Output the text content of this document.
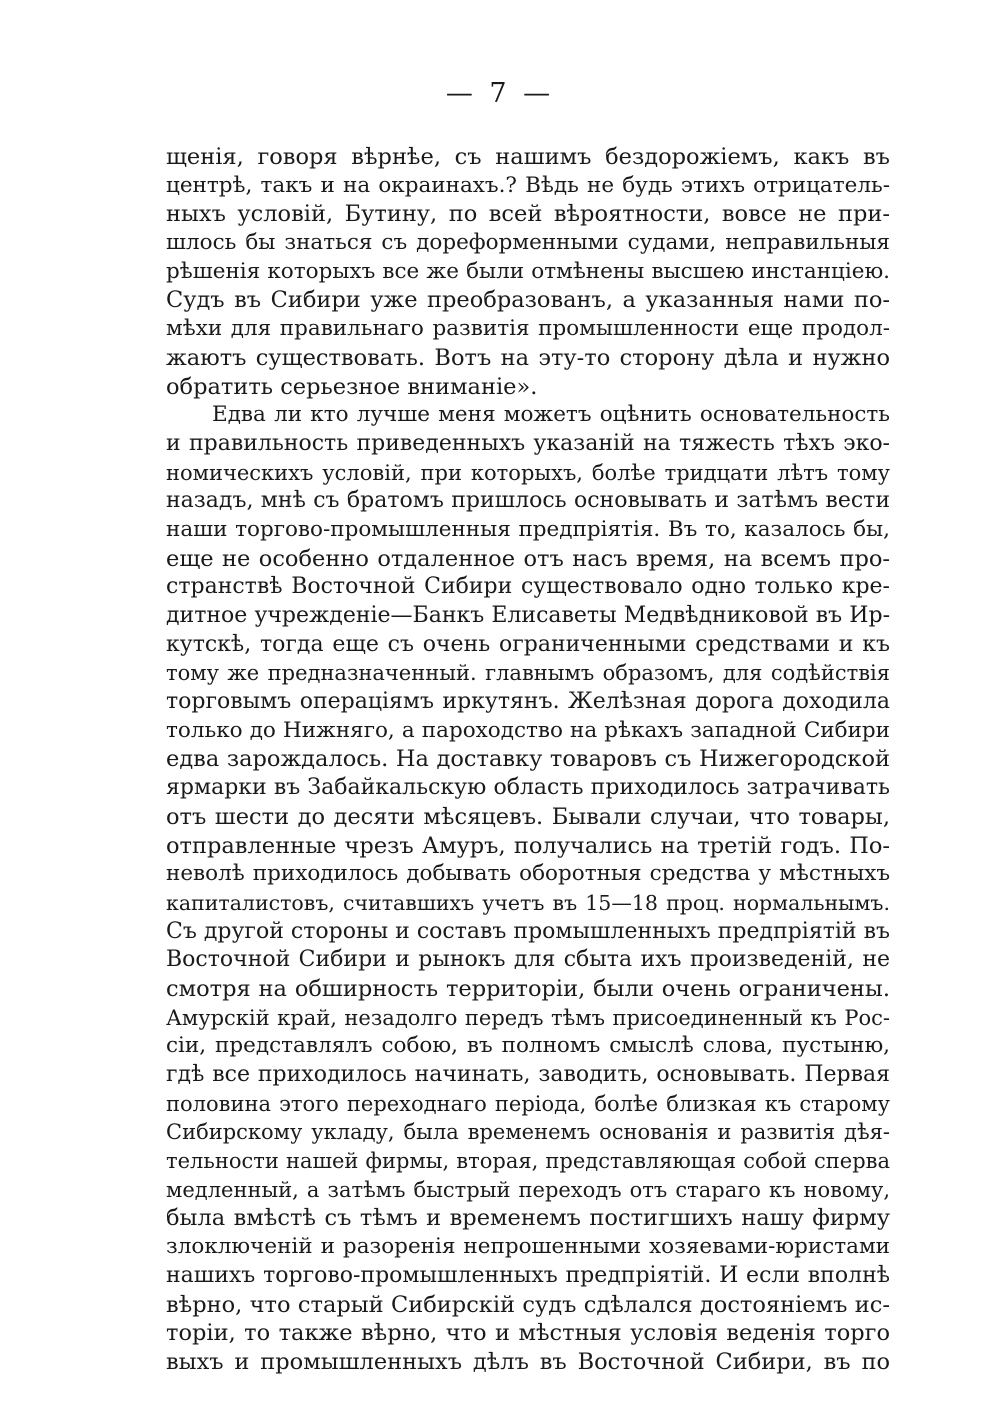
— 7 —
щенія, говоря вѣрнѣе, съ нашимъ бездорожіемъ, какъ въ
центрѣ, такъ и на окраинахъ.? Вѣдь не будь этихъ отрицатель-
ныхъ условій, Бутину, по всей вѣроятности, вовсе не при-
шлось бы знаться съ дореформенными судами, неправильныя
рѣшенія которыхъ все же были отмѣнены высшею инстанціею.
Судъ въ Сибири уже преобразованъ, а указанныя нами по-
мѣхи для правильнаго развитія промышленности еще продол-
жаютъ существовать. Вотъ на эту-то сторону дѣла и нужно
обратить серьезное вниманіе».
Едва ли кто лучше меня можетъ оцѣнить основательность
и правильность приведенныхъ указаній на тяжесть тѣхъ эко-
номическихъ условій, при которыхъ, болѣе тридцати лѣтъ тому
назадъ, мнѣ съ братомъ пришлось основывать и затѣмъ вести
наши торгово-промышленныя предпріятія. Въ то, казалось бы,
еще не особенно отдаленное отъ насъ время, на всемъ про-
странствѣ Восточной Сибири существовало одно только кре-
дитное учрежденіе—Банкъ Елисаветы Медвѣдниковой въ Ир-
кутскѣ, тогда еще съ очень ограниченными средствами и къ
тому же предназначенный. главнымъ образомъ, для содѣйствія
торговымъ операціямъ иркутянъ. Желѣзная дорога доходила
только до Нижняго, а пароходство на рѣкахъ западной Сибири
едва зарождалось. На доставку товаровъ съ Нижегородской
ярмарки въ Забайкальскую область приходилось затрачивать
отъ шести до десяти мѣсяцевъ. Бывали случаи, что товары,
отправленные чрезъ Амуръ, получались на третій годъ. По-
неволѣ приходилось добывать оборотныя средства у мѣстныхъ
капиталистовъ, считавшихъ учетъ въ 15—18 проц. нормальнымъ.
Съ другой стороны и составъ промышленныхъ предпріятій въ
Восточной Сибири и рынокъ для сбыта ихъ произведеній, не
смотря на обширность территоріи, были очень ограничены.
Амурскій край, незадолго передъ тѣмъ присоединенный къ Рос-
сіи, представлялъ собою, въ полномъ смыслѣ слова, пустыню,
гдѣ все приходилось начинать, заводить, основывать. Первая
половина этого переходнаго періода, болѣе близкая къ старому
Сибирскому укладу, была временемъ основанія и развитія дѣя-
тельности нашей фирмы, вторая, представляющая собой сперва
медленный, а затѣмъ быстрый переходъ отъ стараго къ новому,
была вмѣстѣ съ тѣмъ и временемъ постигшихъ нашу фирму
злоключеній и разоренія непрошенными хозяевами-юристами
нашихъ торгово-промышленныхъ предпріятій. И если вполнѣ
вѣрно, что старый Сибирскій судъ сдѣлался достояніемъ ис-
торіи, то также вѣрно, что и мѣстныя условія веденія торго
выхъ и промышленныхъ дѣлъ въ Восточной Сибири, въ по
